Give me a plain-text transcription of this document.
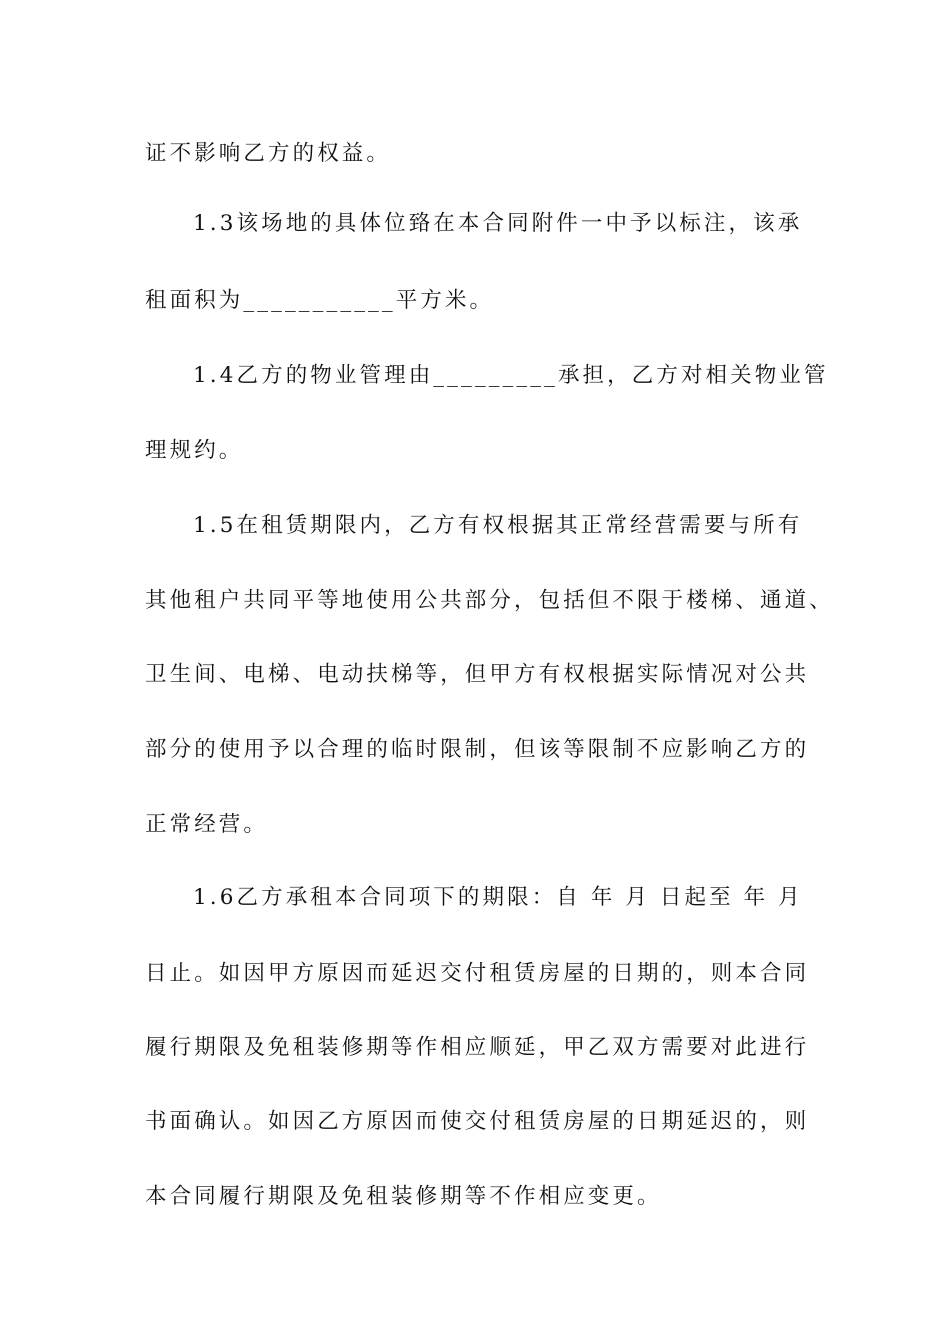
证不影响乙方的权益。
1.3该场地的具体位臵在本合同附件一中予以标注，该承
租面积为___________平方米。
1.4乙方的物业管理由_________承担，乙方对相关物业管
理规约。
1.5在租赁期限内，乙方有权根据其正常经营需要与所有
其他租户共同平等地使用公共部分，包括但不限于楼梯、通道、
卫生间、电梯、电动扶梯等，但甲方有权根据实际情况对公共
部分的使用予以合理的临时限制，但该等限制不应影响乙方的
正常经营。
1.6乙方承租本合同项下的期限：自 年 月 日起至 年 月
日止。如因甲方原因而延迟交付租赁房屋的日期的，则本合同
履行期限及免租装修期等作相应顺延，甲乙双方需要对此进行
书面确认。如因乙方原因而使交付租赁房屋的日期延迟的，则
本合同履行期限及免租装修期等不作相应变更。
